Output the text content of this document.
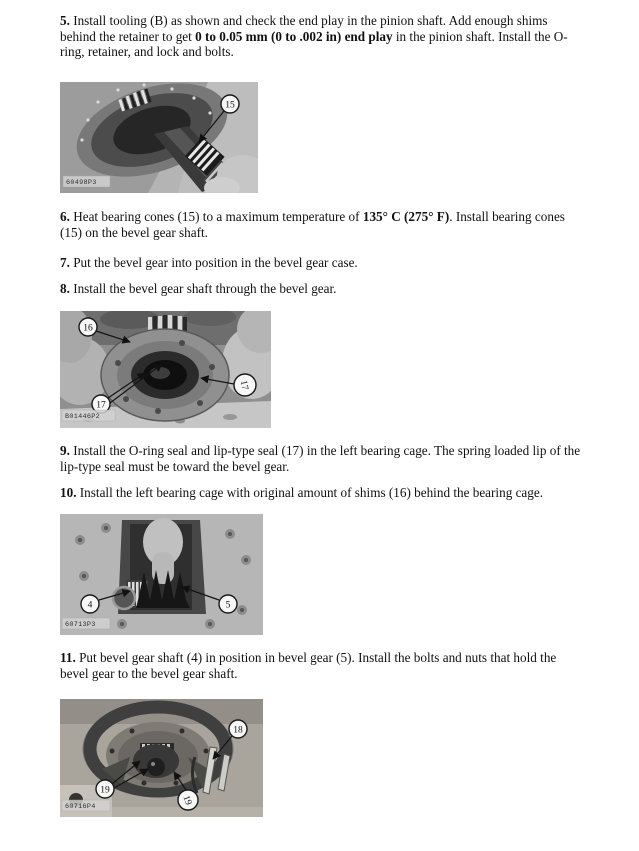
5. Install tooling (B) as shown and check the end play in the pinion shaft. Add enough shims behind the retainer to get 0 to 0.05 mm (0 to .002 in) end play in the pinion shaft. Install the O-ring, retainer, and lock and bolts.

15
60498P3

6. Heat bearing cones (15) to a maximum temperature of 135° C (275° F). Install bearing cones (15) on the bevel gear shaft.

7. Put the bevel gear into position in the bevel gear case.

8. Install the bevel gear shaft through the bevel gear.

16
17
17
B01446P2

9. Install the O-ring seal and lip-type seal (17) in the left bearing cage. The spring loaded lip of the lip-type seal must be toward the bevel gear.

10. Install the left bearing cage with original amount of shims (16) behind the bearing cage.

4	5
60713P3

11. Put bevel gear shaft (4) in position in bevel gear (5). Install the bolts and nuts that hold the bevel gear to the bevel gear shaft.

19
18
19
60716P4
